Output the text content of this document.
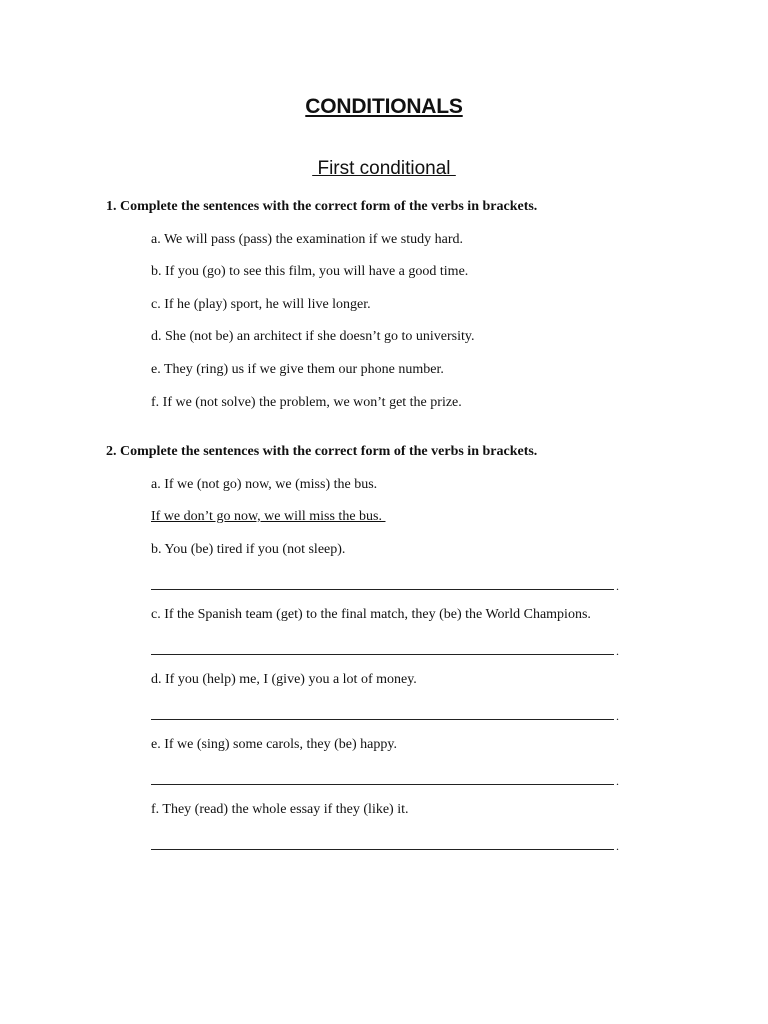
CONDITIONALS
First conditional
1. Complete the sentences with the correct form of the verbs in brackets.
a. We will pass (pass) the examination if we study hard.
b. If you (go) to see this film, you will have a good time.
c. If he (play) sport, he will live longer.
d. She (not be) an architect if she doesn’t go to university.
e. They (ring) us if we give them our phone number.
f. If we (not solve) the problem, we won’t get the prize.
2. Complete the sentences with the correct form of the verbs in brackets.
a. If we (not go) now, we (miss) the bus.
If we don’t go now, we will miss the bus.
b. You (be) tired if you (not sleep).
.
c. If the Spanish team (get) to the final match, they (be) the World Champions.
.
d. If you (help) me, I (give) you a lot of money.
.
e. If we (sing) some carols, they (be) happy.
.
f. They (read) the whole essay if they (like) it.
.
